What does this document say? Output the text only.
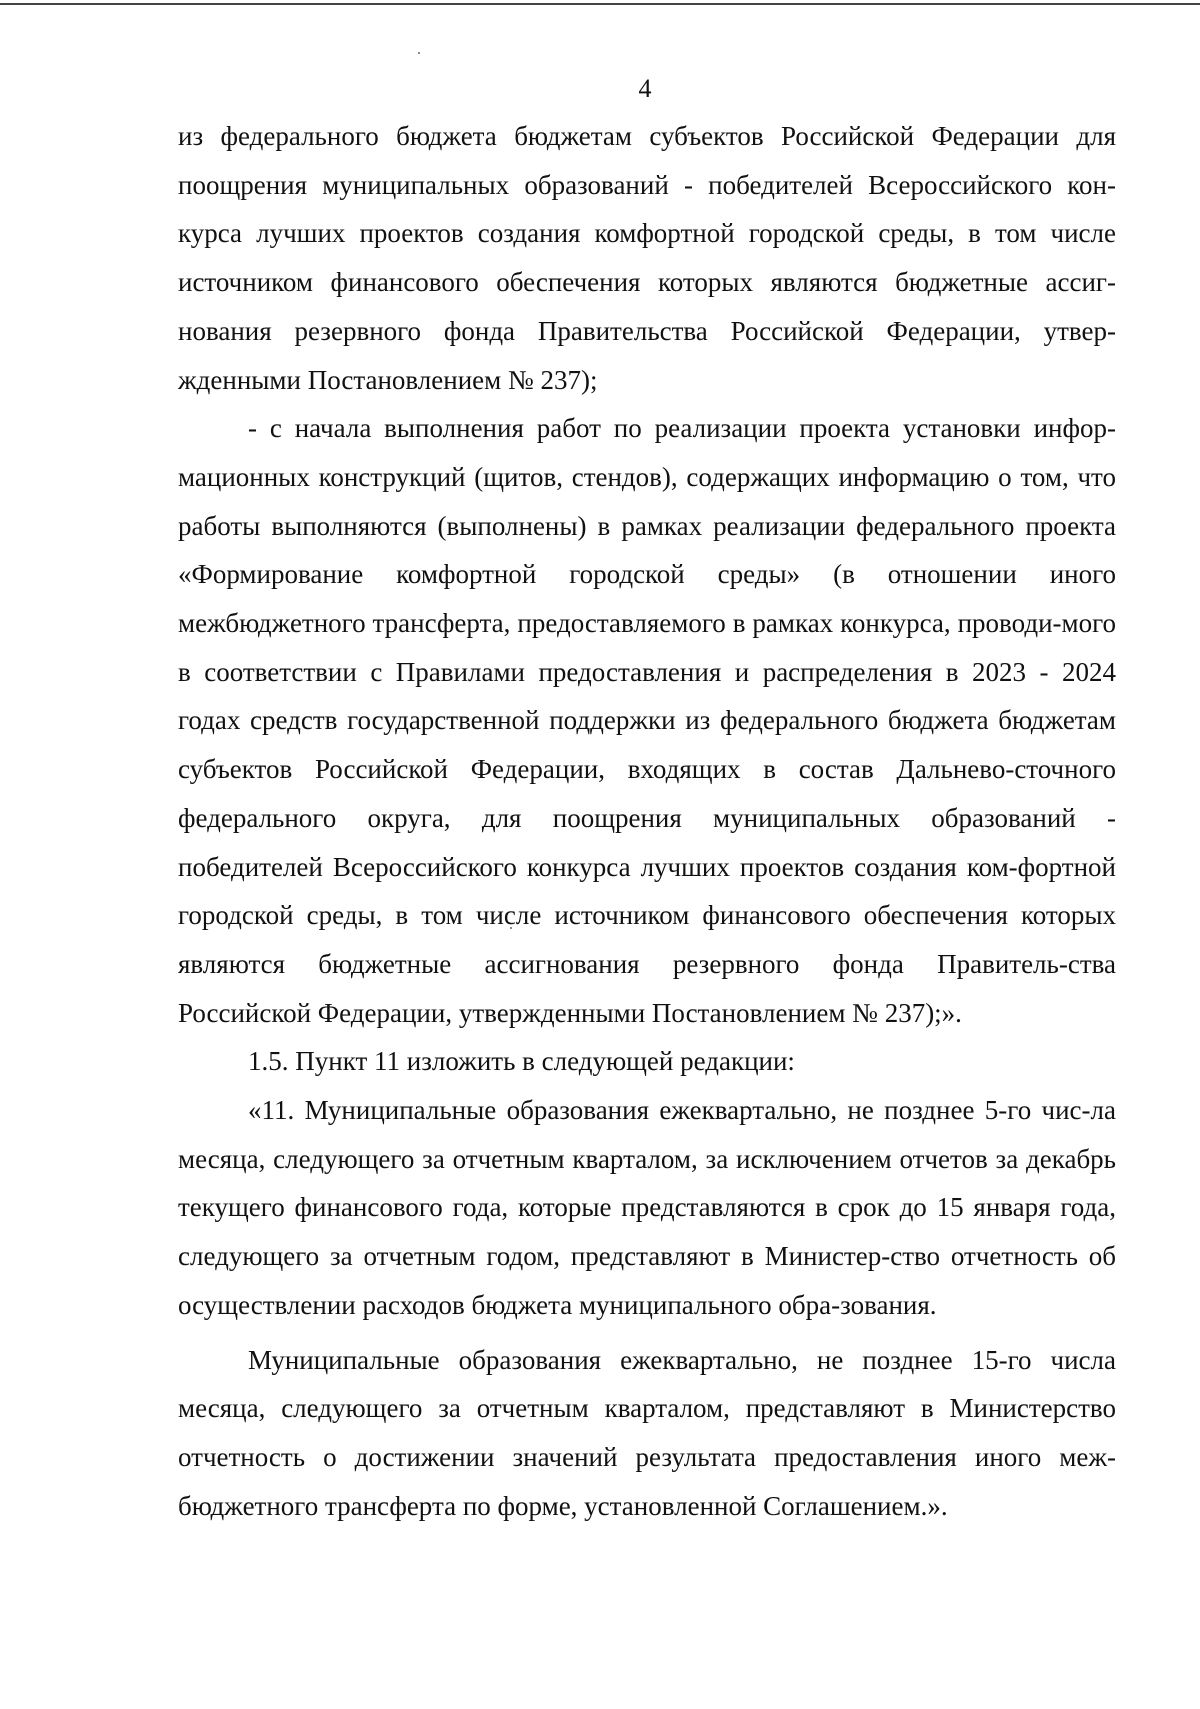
4

из федерального бюджета бюджетам субъектов Российской Федерации для поощрения муниципальных образований - победителей Всероссийского кон-курса лучших проектов создания комфортной городской среды, в том числе источником финансового обеспечения которых являются бюджетные ассиг-нования резервного фонда Правительства Российской Федерации, утвер-жденными Постановлением № 237);

- с начала выполнения работ по реализации проекта установки инфор-мационных конструкций (щитов, стендов), содержащих информацию о том, что работы выполняются (выполнены) в рамках реализации федерального проекта «Формирование комфортной городской среды» (в отношении иного межбюджетного трансферта, предоставляемого в рамках конкурса, проводи-мого в соответствии с Правилами предоставления и распределения в 2023 - 2024 годах средств государственной поддержки из федерального бюджета бюджетам субъектов Российской Федерации, входящих в состав Дальнево-сточного федерального округа, для поощрения муниципальных образований - победителей Всероссийского конкурса лучших проектов создания ком-фортной городской среды, в том числе источником финансового обеспечения которых являются бюджетные ассигнования резервного фонда Правитель-ства Российской Федерации, утвержденными Постановлением № 237);».

1.5. Пункт 11 изложить в следующей редакции:

«11. Муниципальные образования ежеквартально, не позднее 5-го чис-ла месяца, следующего за отчетным кварталом, за исключением отчетов за декабрь текущего финансового года, которые представляются в срок до 15 января года, следующего за отчетным годом, представляют в Министер-ство отчетность об осуществлении расходов бюджета муниципального обра-зования.

Муниципальные образования ежеквартально, не позднее 15-го числа месяца, следующего за отчетным кварталом, представляют в Министерство отчетность о достижении значений результата предоставления иного меж-бюджетного трансферта по форме, установленной Соглашением.».
